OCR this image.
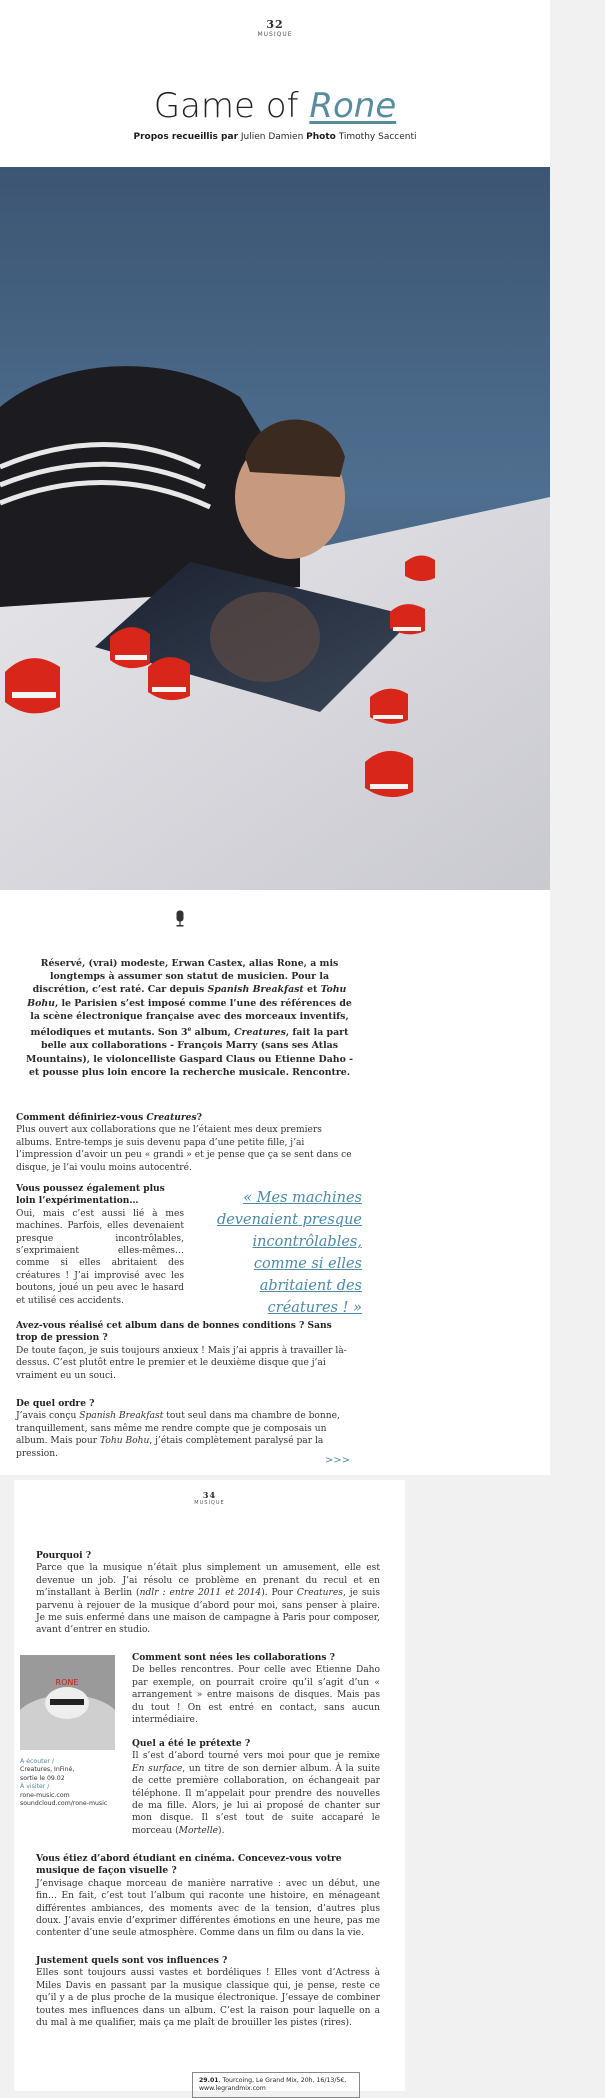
32
MUSIQUE
Game of Rone
Propos recueillis par Julien Damien Photo Timothy Saccenti
Réservé, (vrai) modeste, Erwan Castex, alias Rone, a mis longtemps à assumer son statut de musicien. Pour la discrétion, c’est raté. Car depuis Spanish Breakfast et Tohu Bohu, le Parisien s’est imposé comme l’une des références de la scène électronique française avec des morceaux inventifs, mélodiques et mutants. Son 3e album, Creatures, fait la part belle aux collaborations - François Marry (sans ses Atlas Mountains), le violoncelliste Gaspard Claus ou Etienne Daho - et pousse plus loin encore la recherche musicale. Rencontre.
Comment définiriez-vous Creatures?
Plus ouvert aux collaborations que ne l’étaient mes deux premiers albums. Entre-temps je suis devenu papa d’une petite fille, j’ai l’impression d’avoir un peu « grandi » et je pense que ça se sent dans ce disque, je l’ai voulu moins autocentré.
Vous poussez également plus loin l’expérimentation…
Oui, mais c’est aussi lié à mes machines. Parfois, elles devenaient presque incontrôlables, s’exprimaient elles-mêmes… comme si elles abritaient des créatures ! J’ai improvisé avec les boutons, joué un peu avec le hasard et utilisé ces accidents.
« Mes machines devenaient presque incontrôlables, comme si elles abritaient des créatures ! »
Avez-vous réalisé cet album dans de bonnes conditions ? Sans trop de pression ?
De toute façon, je suis toujours anxieux ! Mais j’ai appris à travailler là-dessus. C’est plutôt entre le premier et le deuxième disque que j’ai vraiment eu un souci.
De quel ordre ?
J’avais conçu Spanish Breakfast tout seul dans ma chambre de bonne, tranquillement, sans même me rendre compte que je composais un album. Mais pour Tohu Bohu, j’étais complètement paralysé par la pression.
>>>
34
MUSIQUE
Pourquoi ?
Parce que la musique n’était plus simplement un amusement, elle est devenue un job. J’ai résolu ce problème en prenant du recul et en m’installant à Berlin (ndlr : entre 2011 et 2014). Pour Creatures, je suis parvenu à rejouer de la musique d’abord pour moi, sans penser à plaire. Je me suis enfermé dans une maison de campagne à Paris pour composer, avant d’entrer en studio.
RONE
À écouter /
Creatures, InFiné,
sortie le 09.02
À visiter /
rone-music.com
soundcloud.com/rone-music
Comment sont nées les collaborations ?
De belles rencontres. Pour celle avec Etienne Daho par exemple, on pourrait croire qu’il s’agit d’un « arrangement » entre maisons de disques. Mais pas du tout ! On est entré en contact, sans aucun intermédiaire.
Quel a été le prétexte ?
Il s’est d’abord tourné vers moi pour que je remixe En surface, un titre de son dernier album. À la suite de cette première collaboration, on échangeait par téléphone. Il m’appelait pour prendre des nouvelles de ma fille. Alors, je lui ai proposé de chanter sur mon disque. Il s’est tout de suite accaparé le morceau (Mortelle).
Vous étiez d’abord étudiant en cinéma. Concevez-vous votre musique de façon visuelle ?
J’envisage chaque morceau de manière narrative : avec un début, une fin… En fait, c’est tout l’album qui raconte une histoire, en ménageant différentes ambiances, des moments avec de la tension, d’autres plus doux. J’avais envie d’exprimer différentes émotions en une heure, pas me contenter d’une seule atmosphère. Comme dans un film ou dans la vie.
Justement quels sont vos influences ?
Elles sont toujours aussi vastes et bordéliques ! Elles vont d’Actress à Miles Davis en passant par la musique classique qui, je pense, reste ce qu’il y a de plus proche de la musique électronique. J’essaye de combiner toutes mes influences dans un album. C’est la raison pour laquelle on a du mal à me qualifier, mais ça me plaît de brouiller les pistes (rires).
29.01, Tourcoing, Le Grand Mix, 20h, 16/13/5€,
www.legrandmix.com
